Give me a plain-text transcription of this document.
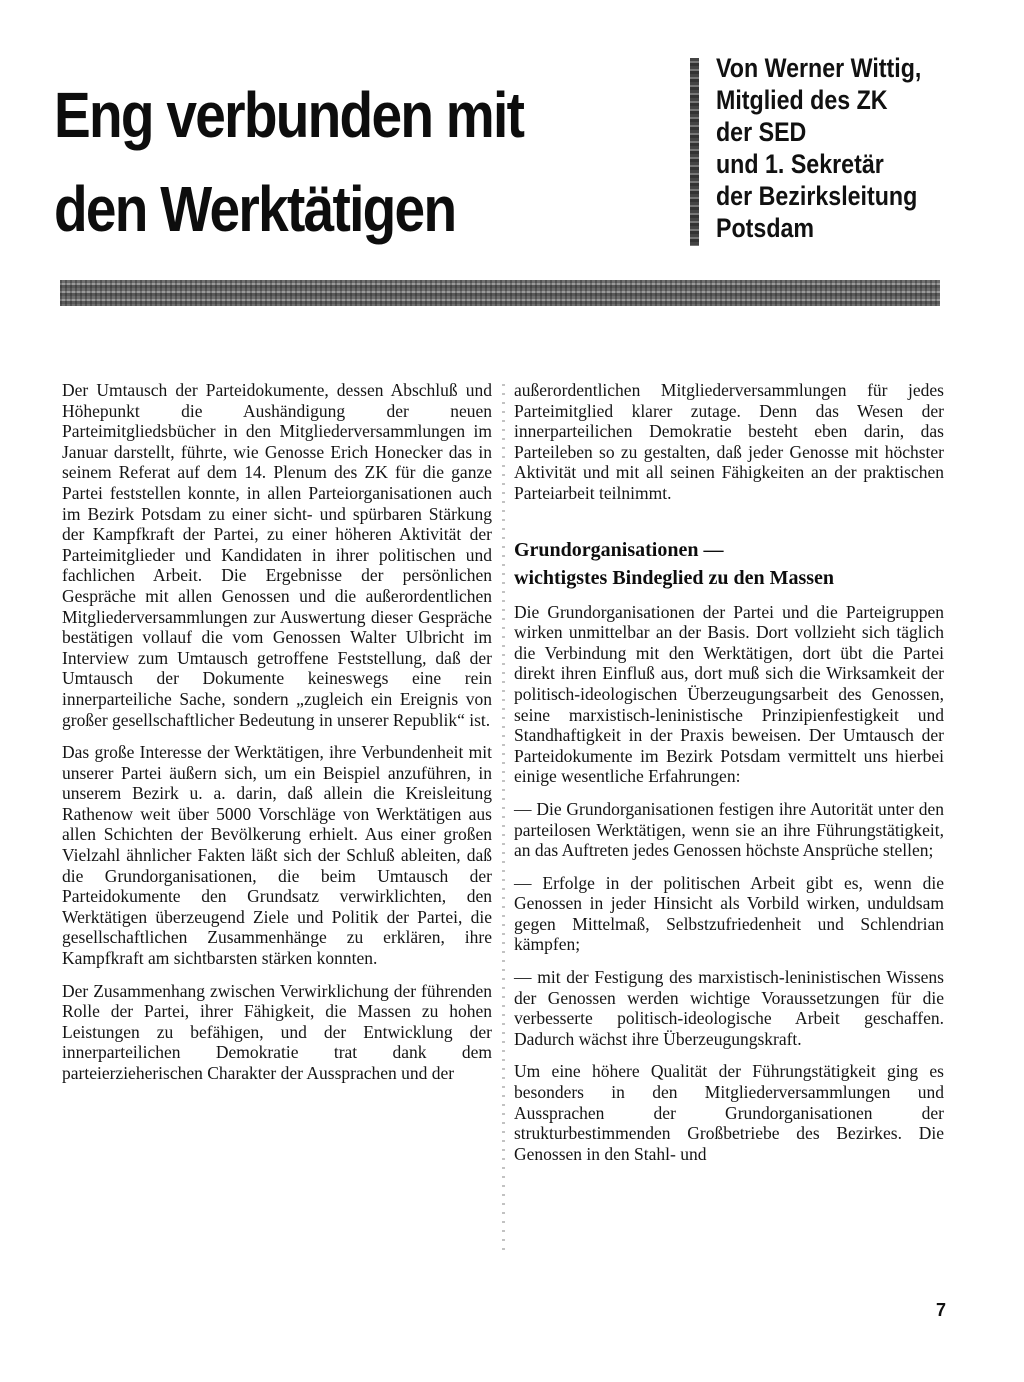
Eng verbunden mit den Werktätigen
Von Werner Wittig,
Mitglied des ZK
der SED
und 1. Sekretär
der Bezirksleitung
Potsdam

Der Umtausch der Parteidokumente, dessen Abschluß und Höhepunkt die Aushändigung der neuen Parteimitgliedsbücher in den Mitgliederversammlungen im Januar darstellt, führte, wie Genosse Erich Honecker das in seinem Referat auf dem 14. Plenum des ZK für die ganze Partei feststellen konnte, in allen Parteiorganisationen auch im Bezirk Potsdam zu einer sicht- und spürbaren Stärkung der Kampfkraft der Partei, zu einer höheren Aktivität der Parteimitglieder und Kandidaten in ihrer politischen und fachlichen Arbeit. Die Ergebnisse der persönlichen Gespräche mit allen Genossen und die außerordentlichen Mitgliederversammlungen zur Auswertung dieser Gespräche bestätigen vollauf die vom Genossen Walter Ulbricht im Interview zum Umtausch getroffene Feststellung, daß der Umtausch der Dokumente keineswegs eine rein innerparteiliche Sache, sondern „zugleich ein Ereignis von großer gesellschaftlicher Bedeutung in unserer Republik“ ist.

Das große Interesse der Werktätigen, ihre Verbundenheit mit unserer Partei äußern sich, um ein Beispiel anzuführen, in unserem Bezirk u. a. darin, daß allein die Kreisleitung Rathenow weit über 5000 Vorschläge von Werktätigen aus allen Schichten der Bevölkerung erhielt. Aus einer großen Vielzahl ähnlicher Fakten läßt sich der Schluß ableiten, daß die Grundorganisationen, die beim Umtausch der Parteidokumente den Grundsatz verwirklichten, den Werktätigen überzeugend Ziele und Politik der Partei, die gesellschaftlichen Zusammenhänge zu erklären, ihre Kampfkraft am sichtbarsten stärken konnten.

Der Zusammenhang zwischen Verwirklichung der führenden Rolle der Partei, ihrer Fähigkeit, die Massen zu hohen Leistungen zu befähigen, und der Entwicklung der innerparteilichen Demokratie trat dank dem parteierzieherischen Charakter der Aussprachen und der

außerordentlichen Mitgliederversammlungen für jedes Parteimitglied klarer zutage. Denn das Wesen der innerparteilichen Demokratie besteht eben darin, das Parteileben so zu gestalten, daß jeder Genosse mit höchster Aktivität und mit all seinen Fähigkeiten an der praktischen Parteiarbeit teilnimmt.

Grundorganisationen —
wichtigstes Bindeglied zu den Massen

Die Grundorganisationen der Partei und die Parteigruppen wirken unmittelbar an der Basis. Dort vollzieht sich täglich die Verbindung mit den Werktätigen, dort übt die Partei direkt ihren Einfluß aus, dort muß sich die Wirksamkeit der politisch-ideologischen Überzeugungsarbeit des Genossen, seine marxistisch-leninistische Prinzipienfestigkeit und Standhaftigkeit in der Praxis beweisen. Der Umtausch der Parteidokumente im Bezirk Potsdam vermittelt uns hierbei einige wesentliche Erfahrungen:

— Die Grundorganisationen festigen ihre Autorität unter den parteilosen Werktätigen, wenn sie an ihre Führungstätigkeit, an das Auftreten jedes Genossen höchste Ansprüche stellen;

— Erfolge in der politischen Arbeit gibt es, wenn die Genossen in jeder Hinsicht als Vorbild wirken, unduldsam gegen Mittelmaß, Selbstzufriedenheit und Schlendrian kämpfen;

— mit der Festigung des marxistisch-leninistischen Wissens der Genossen werden wichtige Voraussetzungen für die verbesserte politisch-ideologische Arbeit geschaffen. Dadurch wächst ihre Überzeugungskraft.

Um eine höhere Qualität der Führungstätigkeit ging es besonders in den Mitgliederversammlungen und Aussprachen der Grundorganisationen der strukturbestimmenden Großbetriebe des Bezirkes. Die Genossen in den Stahl- und

7
